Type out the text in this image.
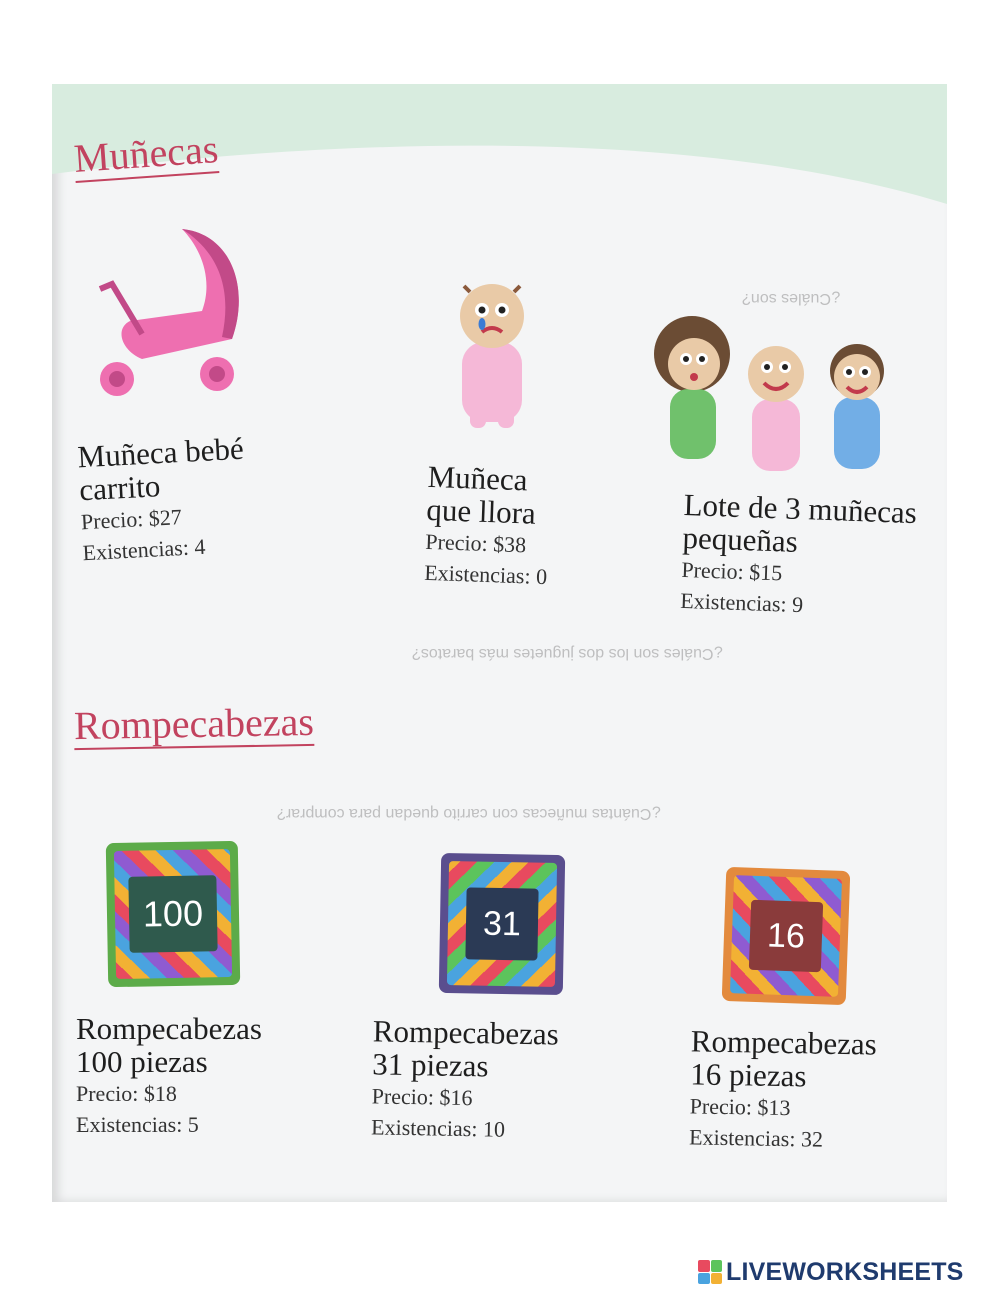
¿Cuáles son?
¿Cuáles son los dos juguetes más baratos?
¿Cuántas muñecas con carrito quedan para comprar?
Muñecas
Muñeca bebé
carrito
Precio: $27
Existencias: 4
Muñeca
que llora
Precio: $38
Existencias: 0
Lote de 3 muñecas
pequeñas
Precio: $15
Existencias: 9
Rompecabezas
100	31	16
Rompecabezas
100 piezas
Precio: $18
Existencias: 5
Rompecabezas
31 piezas
Precio: $16
Existencias: 10
Rompecabezas
16 piezas
Precio: $13
Existencias: 32
LIVEWORKSHEETS
